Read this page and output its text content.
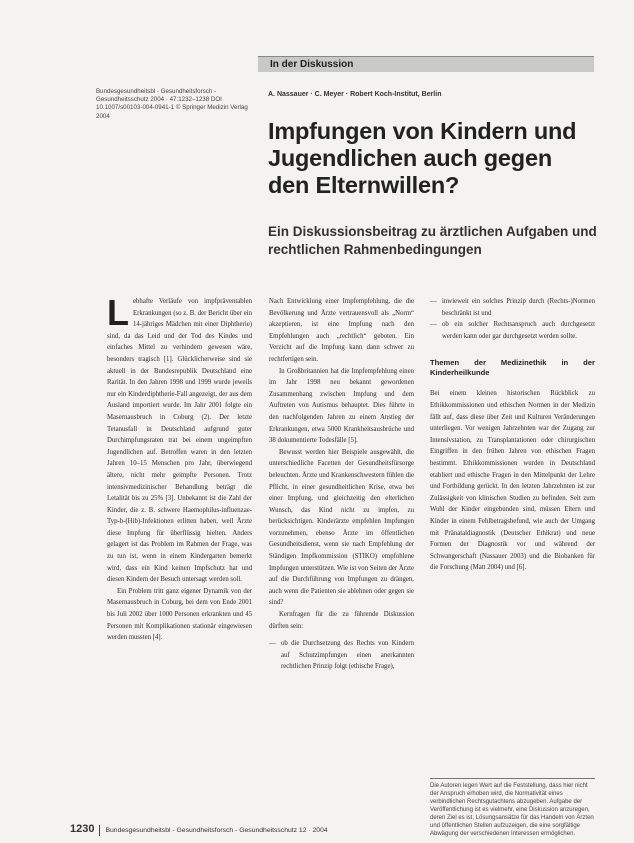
In der Diskussion
Bundesgesundheitsbl - Gesundheitsforsch - Gesundheitsschutz 2004 · 47:1232–1238 DOI 10.1007/s00103-004-0941-1 © Springer Medizin Verlag 2004
A. Nassauer · C. Meyer · Robert Koch-Institut, Berlin
Impfungen von Kindern und Jugendlichen auch gegen den Elternwillen?
Ein Diskussionsbeitrag zu ärztlichen Aufgaben und rechtlichen Rahmenbedingungen
L ebhafte Verläufe von impfpräventablen Erkrankungen (so z. B. der Bericht über ein 14-jähriges Mädchen mit einer Diphtherie) sind, da das Leid und der Tod des Kindes und einfaches Mittel zu verhindern gewesen wäre, besonders tragisch [1]. Glücklicherweise sind sie aktuell in der Bundesrepublik Deutschland eine Rarität. In den Jahren 1998 und 1999 wurde jeweils nur ein Kinderdiphtherie-Fall angezeigt, der aus dem Ausland importiert wurde. Im Jahr 2001 folgte ein Masernausbruch in Coburg (2). Der letzte Tetanusfall in Deutschland aufgrund guter Durchimpfungsraten trat bei einem ungeimpften Jugendlichen auf. Betroffen waren in den letzten Jahren 10–15 Menschen pro Jahr, überwiegend ältere, nicht mehr geimpfte Personen. Trotz intensivmedizinischer Behandlung beträgt die Letalität bis zu 25% [3]. Unbekannt ist die Zahl der Kinder, die z. B. schwere Haemophilus-influenzae-Typ-b-(Hib)-Infektionen erlitten haben, weil Ärzte diese Impfung für überflüssig hielten. Anders gelagert ist das Problem im Rahmen der Frage, was zu tun ist, wenn in einem Kindergarten bemerkt wird, dass ein Kind keinen Impfschutz hat und diesen Kindern der Besuch untersagt werden soll.

Ein Problem tritt ganz eigener Dynamik von der Masernausbruch in Coburg, bei dem von Ende 2001 bis Juli 2002 über 1000 Personen erkrankten und 45 Personen mit Komplikationen stationär eingewiesen werden mussten [4].

Nach Entwicklung einer Impfempfehlung, die die Bevölkerung und Ärzte vertrauensvoll als „Norm“ akzeptieren, ist eine Impfung nach den Empfehlungen auch „rechtlich“ geboten. Ein Verzicht auf die Impfung kann dann schwer zu rechtfertigen sein.

In Großbritannien hat die Impfempfehlung einen im Jahr 1998 neu bekannt gewordenen Zusammenhang zwischen Impfung und dem Auftreten von Autismus behauptet. Dies führte in den nachfolgenden Jahren zu einem Anstieg der Erkrankungen, etwa 5000 Krankheitsausbrüche und 38 dokumentierte Todesfälle [5].

Bewusst werden hier Beispiele ausgewählt, die unterschiedliche Facetten der Gesundheitsfürsorge beleuchten. Ärzte und Krankenschwestern fühlen die Pflicht, in einer gesundheitlichen Krise, etwa bei einer Impfung, und gleichzeitig den elterlichen Wunsch, das Kind nicht zu impfen, zu berücksichtigen. Kinderärzte empfehlen Impfungen vorzunehmen, ebenso Ärzte im öffentlichen Gesundheitsdienst, wenn sie nach Empfehlung der Ständigen Impfkommission (STIKO) empfohlene Impfungen unterstützen. Wie ist von Seiten der Ärzte auf die Durchführung von Impfungen zu drängen, auch wenn die Patienten sie ablehnen oder gegen sie sind?

Kernfragen für die zu führende Diskussion dürften sein:

— ob die Durchsetzung des Rechts von Kindern auf Schutzimpfungen einen anerkannten rechtlichen Prinzip folgt (ethische Frage),
— inwieweit ein solches Prinzip durch (Rechts-)Normen beschränkt ist und
— ob ein solcher Rechtsanspruch auch durchgesetzt werden kann oder gar durchgesetzt werden sollte.
Themen der Medizinethik in der Kinderheilkunde

Bei einem kleinen historischen Rückblick zu Ethikkommissionen und ethischen Normen in der Medizin fällt auf, dass diese über Zeit und Kulturen Veränderungen unterliegen. Vor wenigen Jahrzehnten war der Zugang zur Intensivstation, zu Transplantationen oder chirurgischen Eingriffen in den frühen Jahren von ethischen Fragen bestimmt. Ethikkommissionen wurden in Deutschland etabliert und ethische Fragen in den Mittelpunkt der Lehre und Fortbildung gerückt. In den letzten Jahrzehnten ist zur Zulässigkeit von klinischen Studien zu befinden. Seit zum Wohl der Kinder eingebunden sind, müssen Eltern und Kinder in einem Fehlbetragsbefund, wie auch der Umgang mit Pränataldiagnostik (Deutscher Ethikrat) und neue Formen der Diagnostik vor und während der Schwangerschaft (Nassauer 2003) und die Biobanken für die Forschung (Matt 2004) und [6].

Die Autoren legen Wert auf die Feststellung, dass hier nicht der Anspruch erhoben wird, die Normativität eines verbindlichen Rechtsgutachtens abzugeben. Aufgabe der Veröffentlichung ist es vielmehr, eine Diskussion anzuregen, deren Ziel es ist, Lösungsansätze für das Handeln von Ärzten und öffentlichen Stellen aufzuzeigen, die eine sorgfältige Abwägung der verschiedenen Interessen ermöglichen.
1230 Bundesgesundheitsbl - Gesundheitsforsch - Gesundheitsschutz 12 · 2004
